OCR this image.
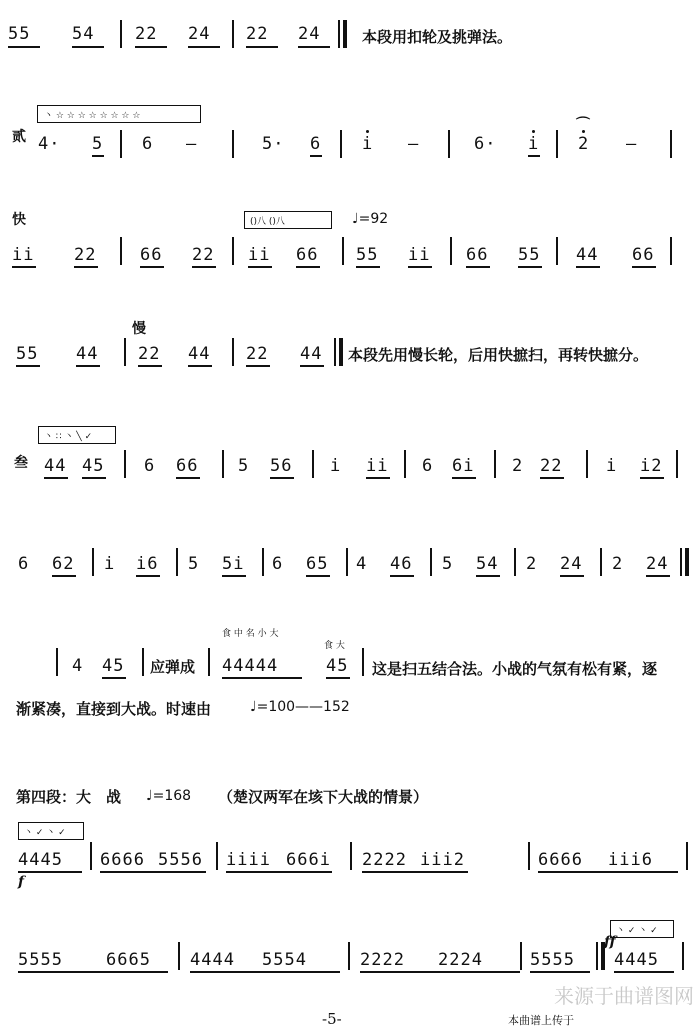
55 54 22 24 22 24	本段用扣轮及挑弹法。
丶 ☆ ☆ ☆ ☆ ☆ ☆ ☆ ☆
贰 4· 5 6 —	5· 6 i —	6· i 2
⌒
—
快	()八 ()八	♩=92
ii 22	66 22 ii 66 55 ii 66 55 44 66
慢
55 44 22 44 22 44 本段先用慢长轮，后用快摭扫，再转快摭分。
丶 ∷ 丶 ╲ ✓
叁 44 45 6 66 5 56 i ii 6 6i 2 22	i i2
6 62 i i6 5 5i 6 65 4 46 5 54 2 24 2 24
4 45 应弹成
食 中 名 小 大
44444
食 大
45 这是扫五结合法。小战的气氛有松有紧，逐
渐紧凑，直接到大战。时速由	♩=100——152
第四段：大　战 ♩=168 （楚汉两军在垓下大战的情景）
丶 ✓ 丶 ✓
4445
f
6666 5556 iiii 666i 2222 iii2	6666 iii6
丶 ✓ 丶 ✓
5555	6665 4444 5554	2222 2224	5555 4445
ff
-5-	本曲谱上传于
来源于曲谱图网
